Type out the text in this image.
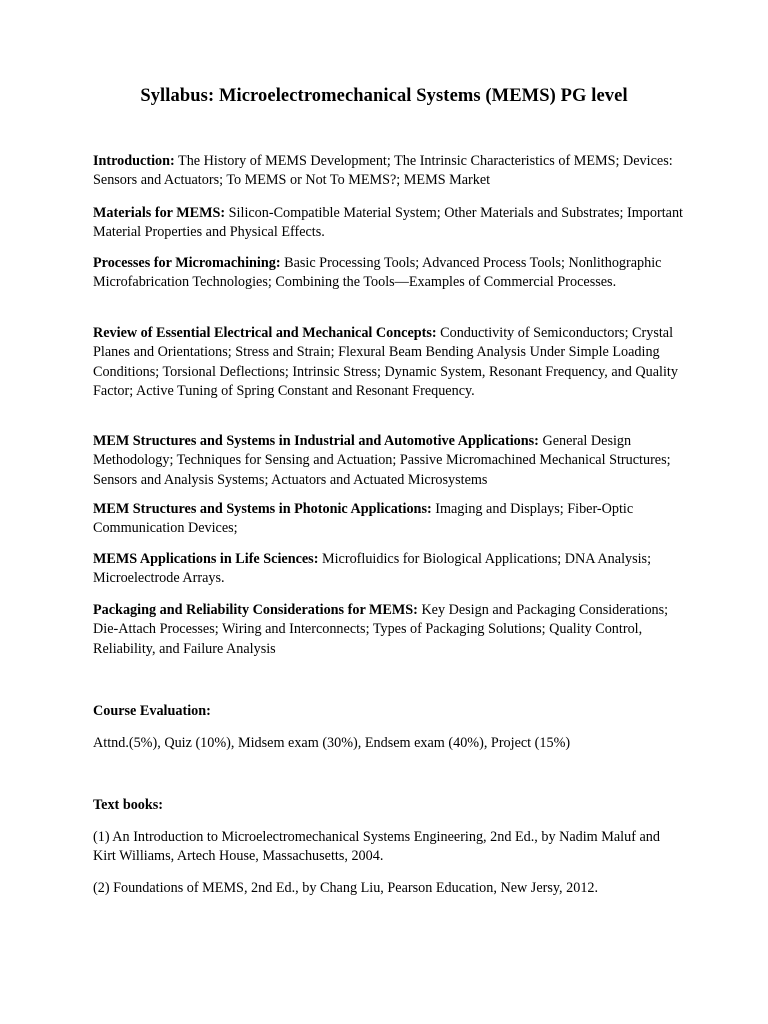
Syllabus: Microelectromechanical Systems (MEMS) PG level

Introduction: The History of MEMS Development; The Intrinsic Characteristics of MEMS; Devices: Sensors and Actuators; To MEMS or Not To MEMS?; MEMS Market

Materials for MEMS: Silicon-Compatible Material System; Other Materials and Substrates; Important Material Properties and Physical Effects.

Processes for Micromachining: Basic Processing Tools; Advanced Process Tools; Nonlithographic Microfabrication Technologies; Combining the Tools—Examples of Commercial Processes.

Review of Essential Electrical and Mechanical Concepts: Conductivity of Semiconductors; Crystal Planes and Orientations; Stress and Strain; Flexural Beam Bending Analysis Under Simple Loading Conditions; Torsional Deflections; Intrinsic Stress; Dynamic System, Resonant Frequency, and Quality Factor; Active Tuning of Spring Constant and Resonant Frequency.

MEM Structures and Systems in Industrial and Automotive Applications: General Design Methodology; Techniques for Sensing and Actuation; Passive Micromachined Mechanical Structures; Sensors and Analysis Systems; Actuators and Actuated Microsystems

MEM Structures and Systems in Photonic Applications: Imaging and Displays; Fiber-Optic Communication Devices;

MEMS Applications in Life Sciences: Microfluidics for Biological Applications; DNA Analysis; Microelectrode Arrays.

Packaging and Reliability Considerations for MEMS: Key Design and Packaging Considerations; Die-Attach Processes; Wiring and Interconnects; Types of Packaging Solutions; Quality Control, Reliability, and Failure Analysis

Course Evaluation:

Attnd.(5%), Quiz (10%), Midsem exam (30%), Endsem exam (40%), Project (15%)

Text books:

(1) An Introduction to Microelectromechanical Systems Engineering, 2nd Ed., by Nadim Maluf and Kirt Williams, Artech House, Massachusetts, 2004.

(2) Foundations of MEMS, 2nd Ed., by Chang Liu, Pearson Education, New Jersy, 2012.
